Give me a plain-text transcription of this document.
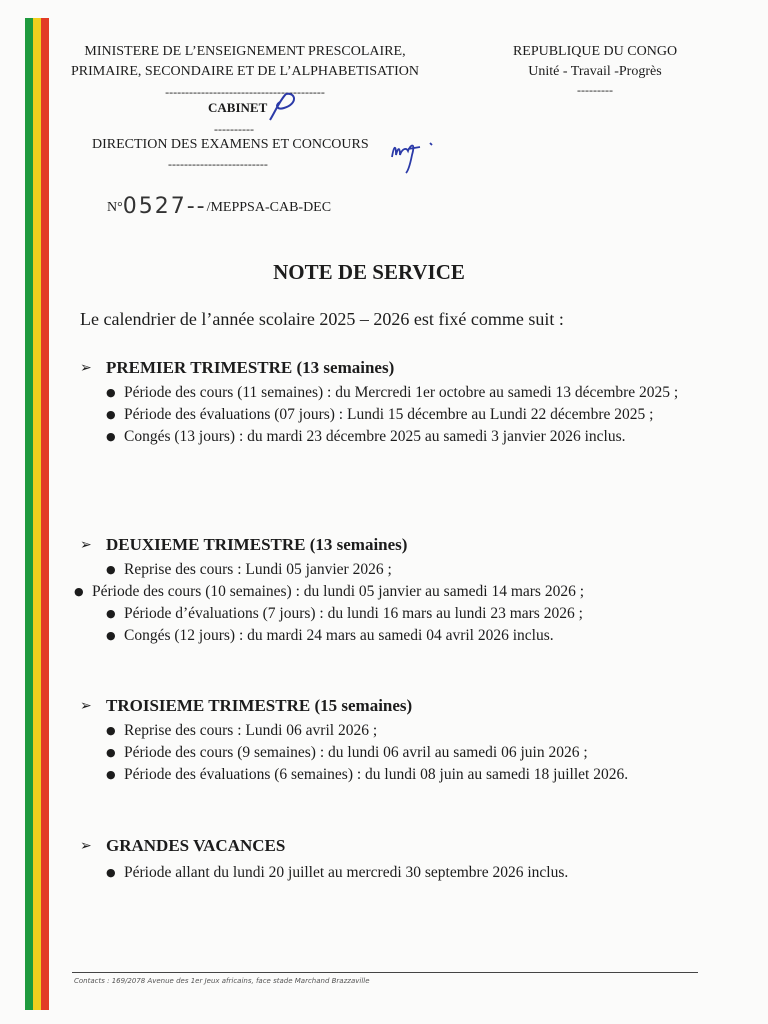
MINISTERE DE L’ENSEIGNEMENT PRESCOLAIRE,
PRIMAIRE, SECONDAIRE ET DE L’ALPHABETISATION
----------------------------------------
REPUBLIQUE DU CONGO
Unité - Travail -Progrès
---------
CABINET
----------
DIRECTION DES EXAMENS ET CONCOURS
-------------------------
N°0527--/MEPPSA-CAB-DEC
NOTE DE SERVICE
Le calendrier de l’année scolaire 2025 – 2026 est fixé comme suit :
➢ PREMIER TRIMESTRE (13 semaines)
● Période des cours (11 semaines) : du Mercredi 1er octobre au samedi 13 décembre 2025 ;
● Période des évaluations (07 jours) : Lundi 15 décembre au Lundi 22 décembre 2025 ;
● Congés (13 jours) : du mardi 23 décembre 2025 au samedi 3 janvier 2026 inclus.
➢ DEUXIEME TRIMESTRE (13 semaines)
● Reprise des cours : Lundi 05 janvier 2026 ;
● Période des cours (10 semaines) : du lundi 05 janvier au samedi 14 mars 2026 ;
● Période d’évaluations (7 jours) : du lundi 16 mars au lundi 23 mars 2026 ;
● Congés (12 jours) : du mardi 24 mars au samedi 04 avril 2026 inclus.
➢ TROISIEME TRIMESTRE (15 semaines)
● Reprise des cours : Lundi 06 avril 2026 ;
● Période des cours (9 semaines) : du lundi 06 avril au samedi 06 juin 2026 ;
● Période des évaluations (6 semaines) : du lundi 08 juin au samedi 18 juillet 2026.
➢ GRANDES VACANCES
● Période allant du lundi 20 juillet au mercredi 30 septembre 2026 inclus.
Contacts : 169/2078 Avenue des 1er Jeux africains, face stade Marchand Brazzaville
